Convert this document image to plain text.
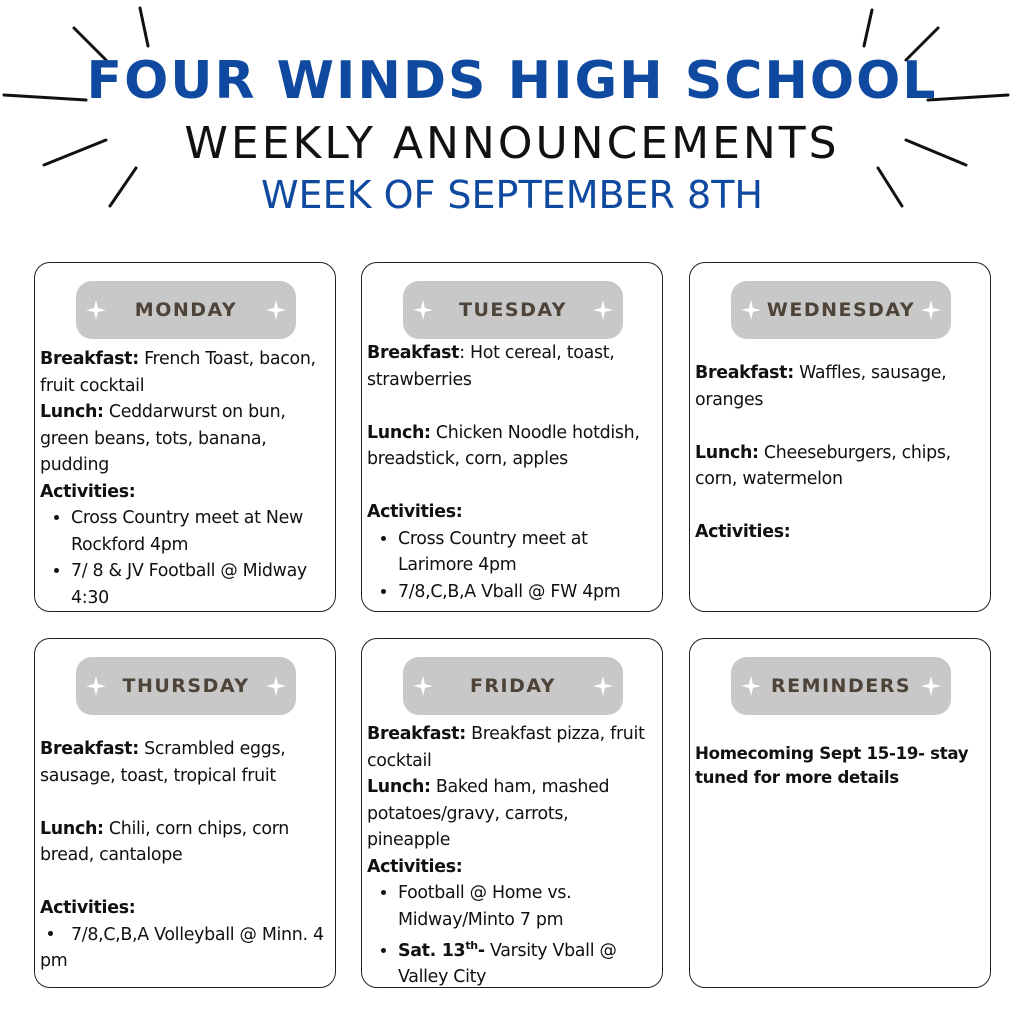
FOUR WINDS HIGH SCHOOL
WEEKLY ANNOUNCEMENTS
WEEK OF SEPTEMBER 8TH
MONDAY
Breakfast: French Toast, bacon, fruit cocktail
Lunch: Ceddarwurst on bun, green beans, tots, banana, pudding
Activities:
• Cross Country meet at New Rockford 4pm
• 7/ 8 & JV Football @ Midway 4:30
TUESDAY
Breakfast: Hot cereal, toast, strawberries
Lunch: Chicken Noodle hotdish, breadstick, corn, apples
Activities:
• Cross Country meet at Larimore 4pm
• 7/8,C,B,A Vball @ FW 4pm
WEDNESDAY
Breakfast: Waffles, sausage, oranges
Lunch: Cheeseburgers, chips, corn, watermelon
Activities:
THURSDAY
Breakfast: Scrambled eggs, sausage, toast, tropical fruit
Lunch: Chili, corn chips, corn bread, cantalope
Activities:
•   7/8,C,B,A Volleyball @ Minn. 4 pm
FRIDAY
Breakfast: Breakfast pizza, fruit cocktail
Lunch: Baked ham, mashed potatoes/gravy, carrots, pineapple
Activities:
• Football @ Home vs. Midway/Minto 7 pm
• Sat. 13th- Varsity Vball @ Valley City
REMINDERS
Homecoming Sept 15-19- stay tuned for more details
